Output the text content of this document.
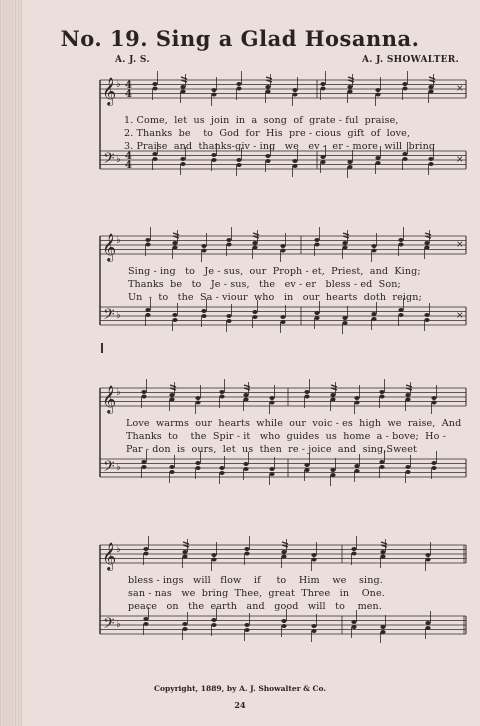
No. 19. Sing a Glad Hosanna.
A. J. S.	A. J. SHOWALTER.
𝄞
𝄢
♭
♭
4
4
4
4
×
×
1. Come,  let  us  join  in  a  song  of  grate - ful  praise,
2. Thanks  be    to  God  for  His  pre - cious  gift  of  love,
3. Praise  and  thanks-giv - ing   we   ev -  er - more  will  bring
𝄞
𝄢
♭
♭
×
×
Sing - ing   to   Je - sus,  our  Proph - et,  Priest,  and  King;
Thanks  be   to   Je - sus,   the   ev - er   bless - ed  Son;
Un  -  to   the  Sa - viour  who   in   our  hearts  doth  reign;
𝄞
𝄢
♭
♭
Love  warms  our  hearts  while  our  voic - es  high  we  raise,  And
Thanks  to    the  Spir - it   who  guides  us  home  a - bove;  Ho -
Par - don  is  ours,  let  us  then  re - joice  and  sing,Sweet
𝄞
𝄢
♭
♭
bless - ings   will   flow    if     to    Him    we    sing.
san - nas   we  bring  Thee,  great  Three   in    One.
peace   on   the  earth   and   good   will   to    men.
Copyright, 1889, by A. J. Showalter & Co.
24
